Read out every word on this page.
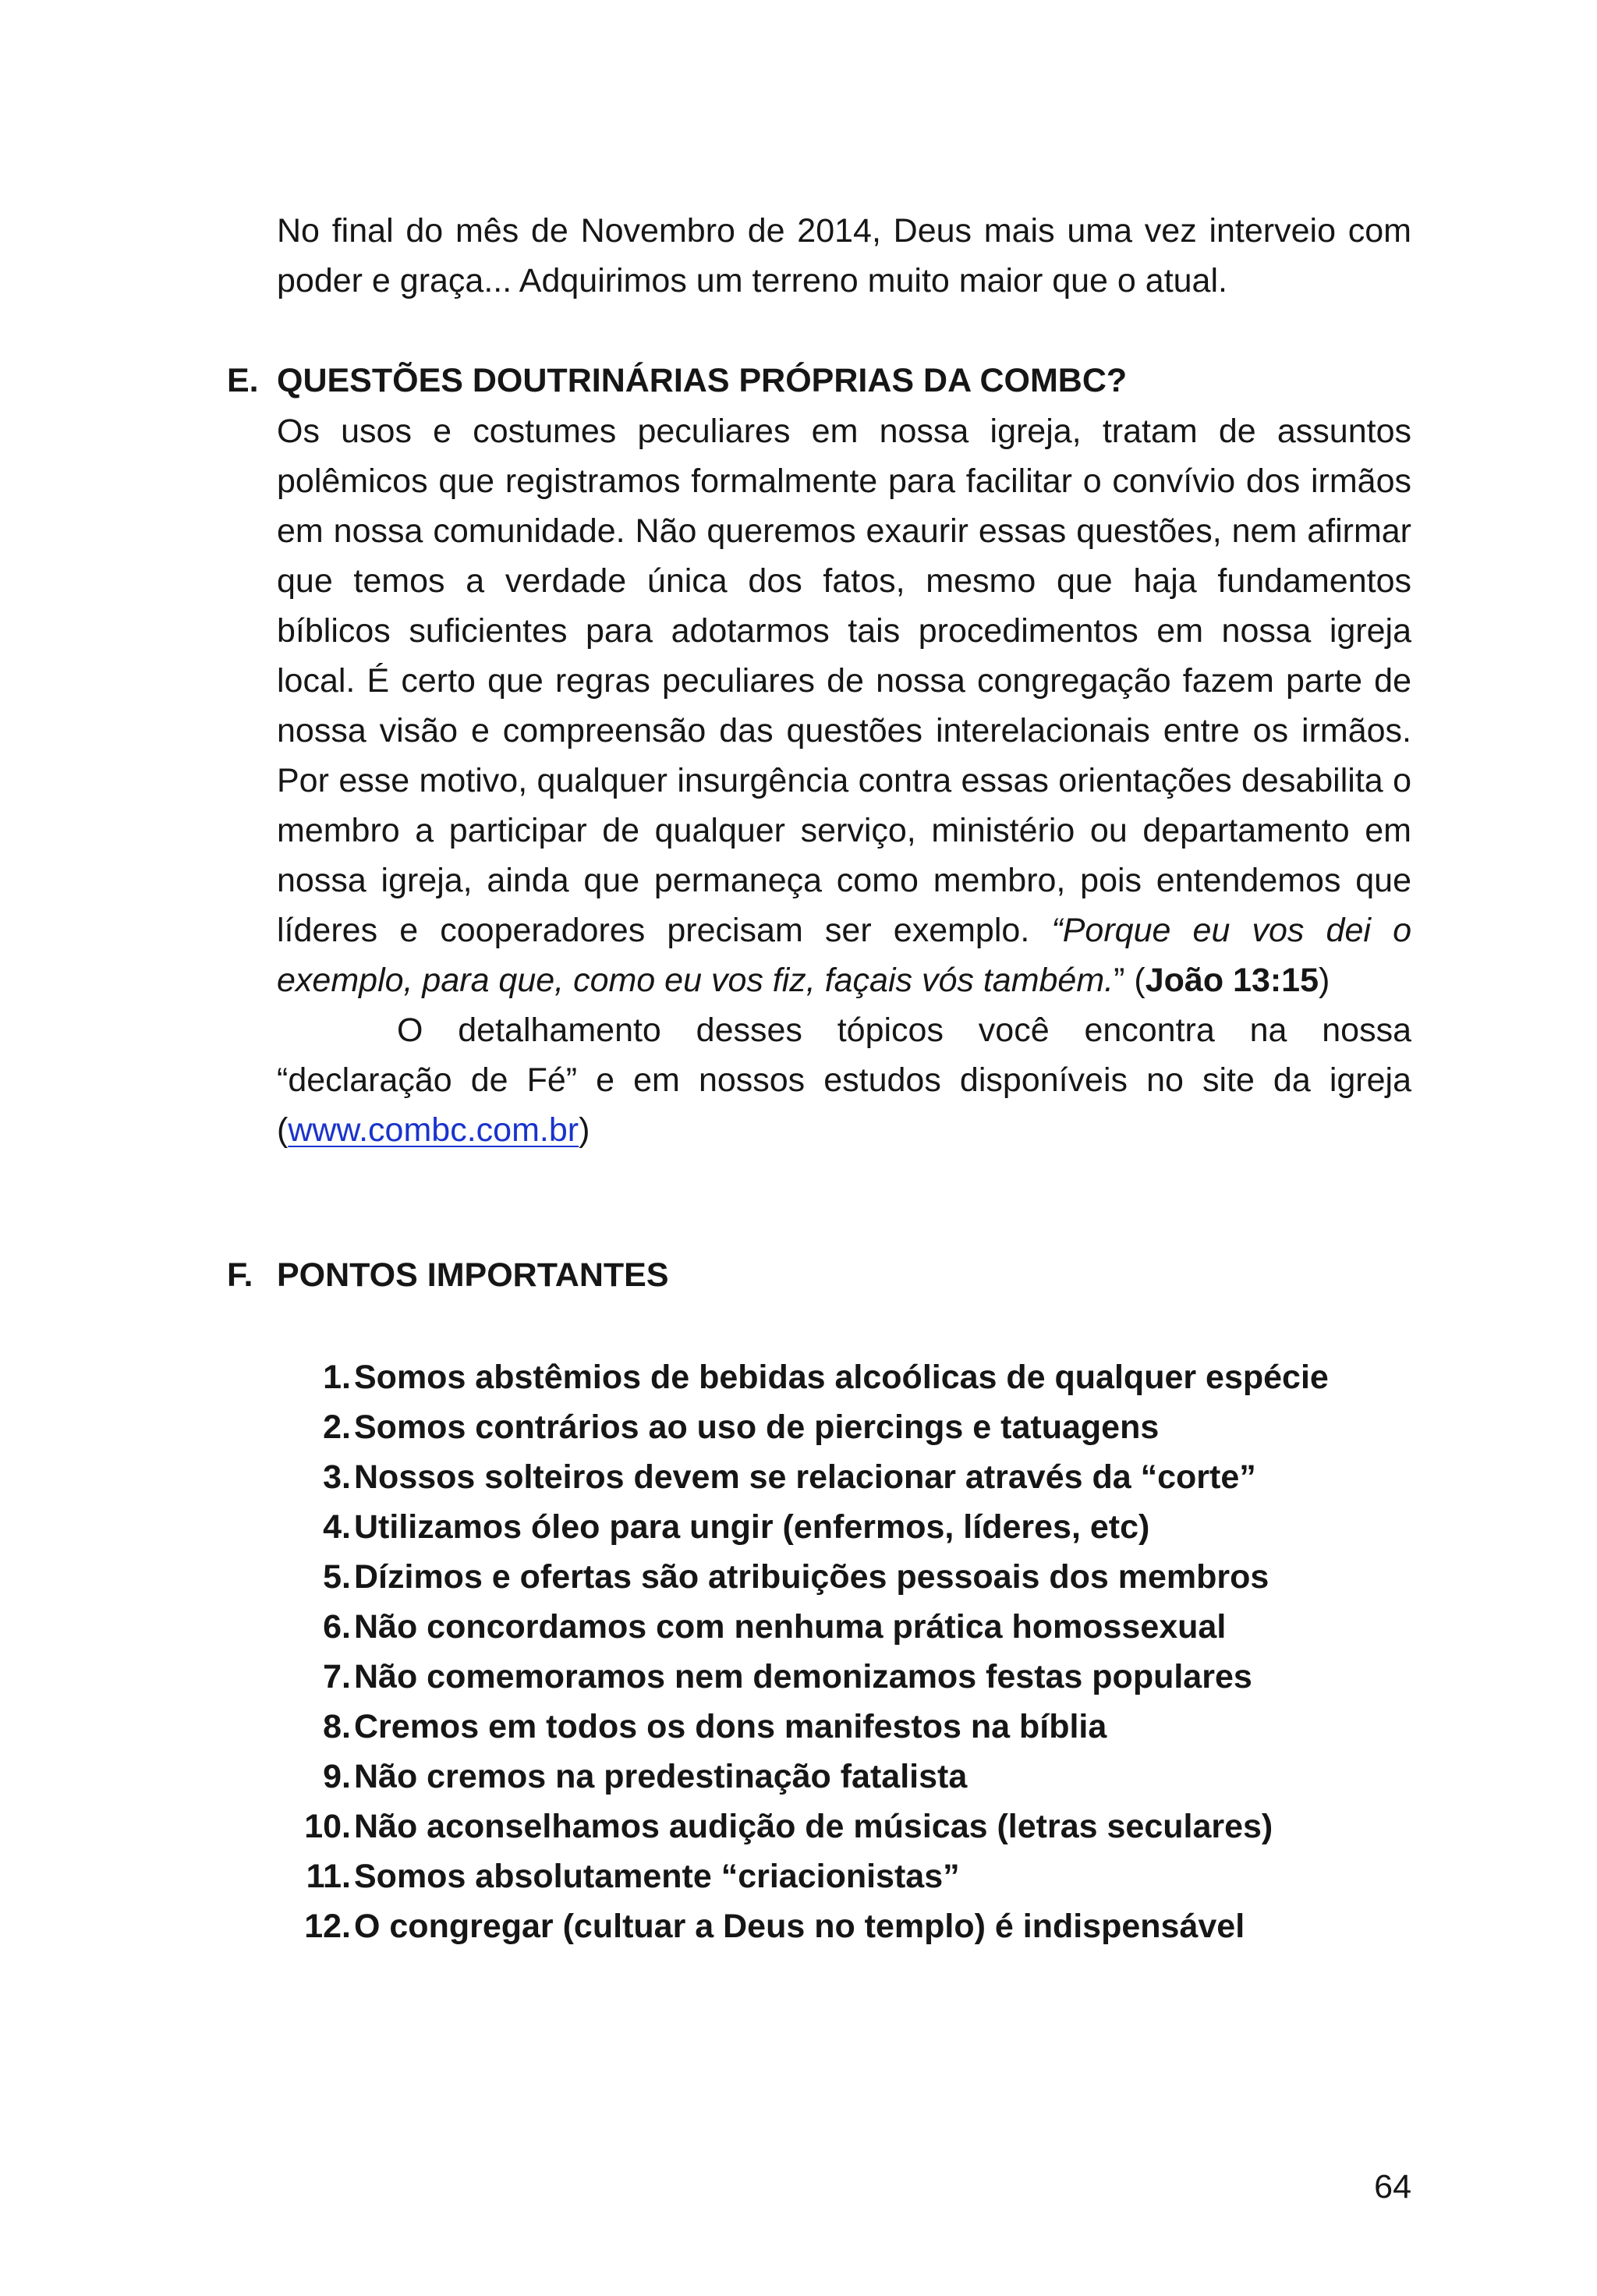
No final do mês de Novembro de 2014, Deus mais uma vez interveio com poder e graça... Adquirimos um terreno muito maior que o atual.

E. QUESTÕES DOUTRINÁRIAS PRÓPRIAS DA COMBC?

Os usos e costumes peculiares em nossa igreja, tratam de assuntos polêmicos que registramos formalmente para facilitar o convívio dos irmãos em nossa comunidade. Não queremos exaurir essas questões, nem afirmar que temos a verdade única dos fatos, mesmo que haja fundamentos bíblicos suficientes para adotarmos tais procedimentos em nossa igreja local. É certo que regras peculiares de nossa congregação fazem parte de nossa visão e compreensão das questões interelacionais entre os irmãos. Por esse motivo, qualquer insurgência contra essas orientações desabilita o membro a participar de qualquer serviço, ministério ou departamento em nossa igreja, ainda que permaneça como membro, pois entendemos que líderes e cooperadores precisam ser exemplo. “Porque eu vos dei o exemplo, para que, como eu vos fiz, façais vós também.” (João 13:15)

O detalhamento desses tópicos você encontra na nossa “declaração de Fé” e em nossos estudos disponíveis no site da igreja (www.combc.com.br)

F. PONTOS IMPORTANTES
1. Somos abstêmios de bebidas alcoólicas de qualquer espécie
2. Somos contrários ao uso de piercings e tatuagens
3. Nossos solteiros devem se relacionar através da “corte”
4. Utilizamos óleo para ungir (enfermos, líderes, etc)
5. Dízimos e ofertas são atribuições pessoais dos membros
6. Não concordamos com nenhuma prática homossexual
7. Não comemoramos nem demonizamos festas populares
8. Cremos em todos os dons manifestos na bíblia
9. Não cremos na predestinação fatalista
10. Não aconselhamos audição de músicas (letras seculares)
11. Somos absolutamente “criacionistas”
12. O congregar (cultuar a Deus no templo) é indispensável
64
